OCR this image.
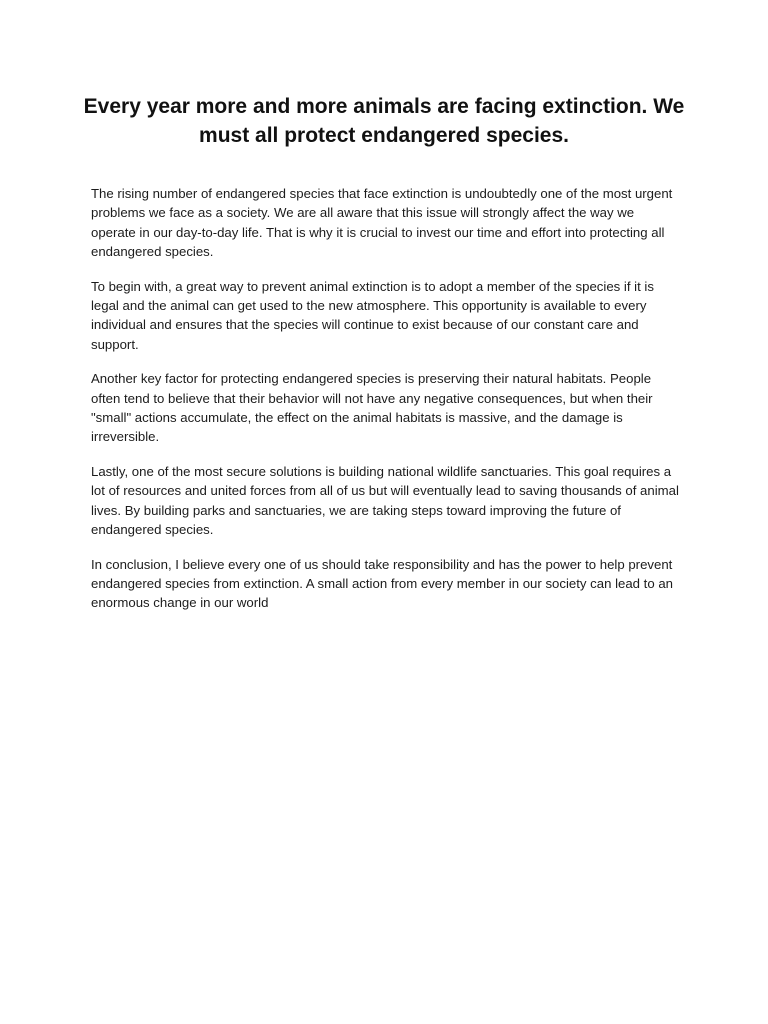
Every year more and more animals are facing extinction. We must all protect endangered species.

The rising number of endangered species that face extinction is undoubtedly one of the most urgent problems we face as a society. We are all aware that this issue will strongly affect the way we operate in our day-to-day life. That is why it is crucial to invest our time and effort into protecting all endangered species.

To begin with, a great way to prevent animal extinction is to adopt a member of the species if it is legal and the animal can get used to the new atmosphere. This opportunity is available to every individual and ensures that the species will continue to exist because of our constant care and support.

Another key factor for protecting endangered species is preserving their natural habitats. People often tend to believe that their behavior will not have any negative consequences, but when their "small" actions accumulate, the effect on the animal habitats is massive, and the damage is irreversible.

Lastly, one of the most secure solutions is building national wildlife sanctuaries. This goal requires a lot of resources and united forces from all of us but will eventually lead to saving thousands of animal lives. By building parks and sanctuaries, we are taking steps toward improving the future of endangered species.

In conclusion, I believe every one of us should take responsibility and has the power to help prevent endangered species from extinction. A small action from every member in our society can lead to an enormous change in our world
